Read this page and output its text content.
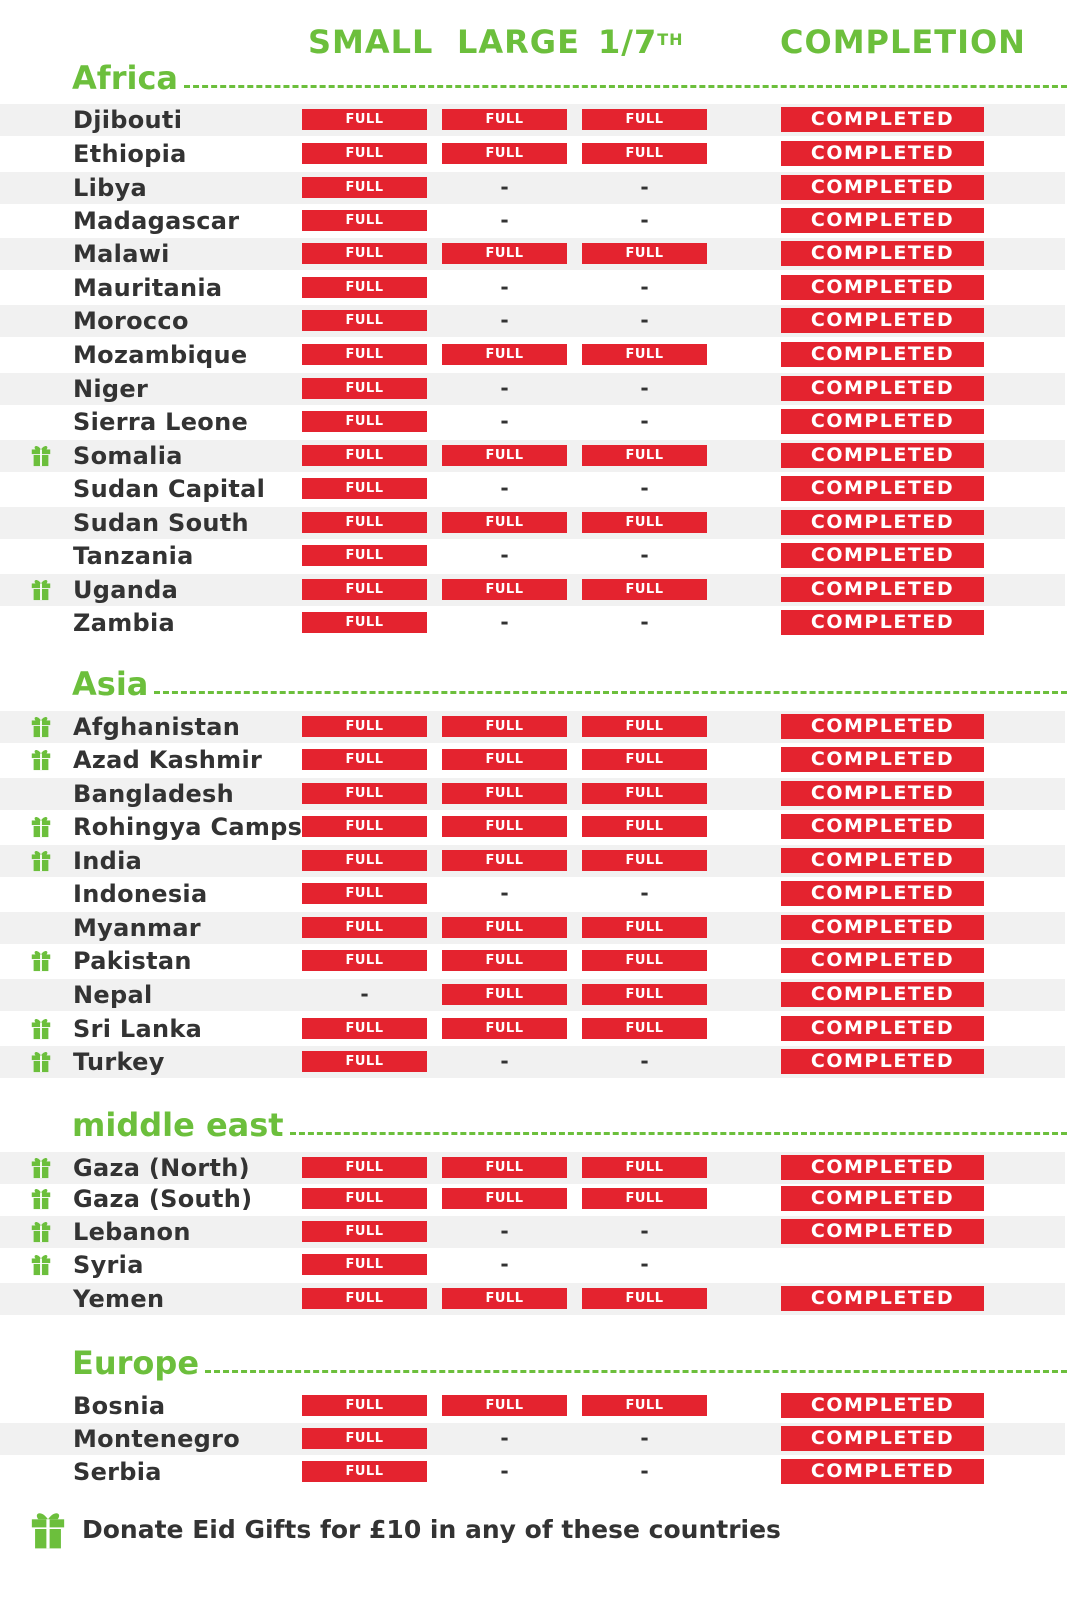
SMALL LARGE 1/7TH	COMPLETION
Africa
Djibouti	FULL	FULL	FULL	COMPLETED
Ethiopia	FULL	FULL	FULL	COMPLETED
Libya	FULL	-	-	COMPLETED
Madagascar	FULL	-	-	COMPLETED
Malawi	FULL	FULL	FULL	COMPLETED
Mauritania	FULL	-	-	COMPLETED
Morocco	FULL	-	-	COMPLETED
Mozambique	FULL	FULL	FULL	COMPLETED
Niger	FULL	-	-	COMPLETED
Sierra Leone	FULL	-	-	COMPLETED
Somalia	FULL	FULL	FULL	COMPLETED
Sudan Capital	FULL	-	-	COMPLETED
Sudan South	FULL	FULL	FULL	COMPLETED
Tanzania	FULL	-	-	COMPLETED
Uganda	FULL	FULL	FULL	COMPLETED
Zambia	FULL	-	-	COMPLETED
Asia
Afghanistan	FULL	FULL	FULL	COMPLETED
Azad Kashmir	FULL	FULL	FULL	COMPLETED
Bangladesh	FULL	FULL	FULL	COMPLETED
Rohingya Camps	FULL	FULL	FULL	COMPLETED
India	FULL	FULL	FULL	COMPLETED
Indonesia	FULL	-	-	COMPLETED
Myanmar	FULL	FULL	FULL	COMPLETED
Pakistan	FULL	FULL	FULL	COMPLETED
Nepal	-	FULL	FULL	COMPLETED
Sri Lanka	FULL	FULL	FULL	COMPLETED
Turkey	FULL	-	-	COMPLETED
middle east
Gaza (North)	FULL	FULL	FULL	COMPLETED
Gaza (South)	FULL	FULL	FULL	COMPLETED
Lebanon	FULL	-	-	COMPLETED
Syria	FULL	-	-
Yemen	FULL	FULL	FULL	COMPLETED
Europe
Bosnia	FULL	FULL	FULL	COMPLETED
Montenegro	FULL	-	-	COMPLETED
Serbia	FULL	-	-	COMPLETED
Donate Eid Gifts for £10 in any of these countries
